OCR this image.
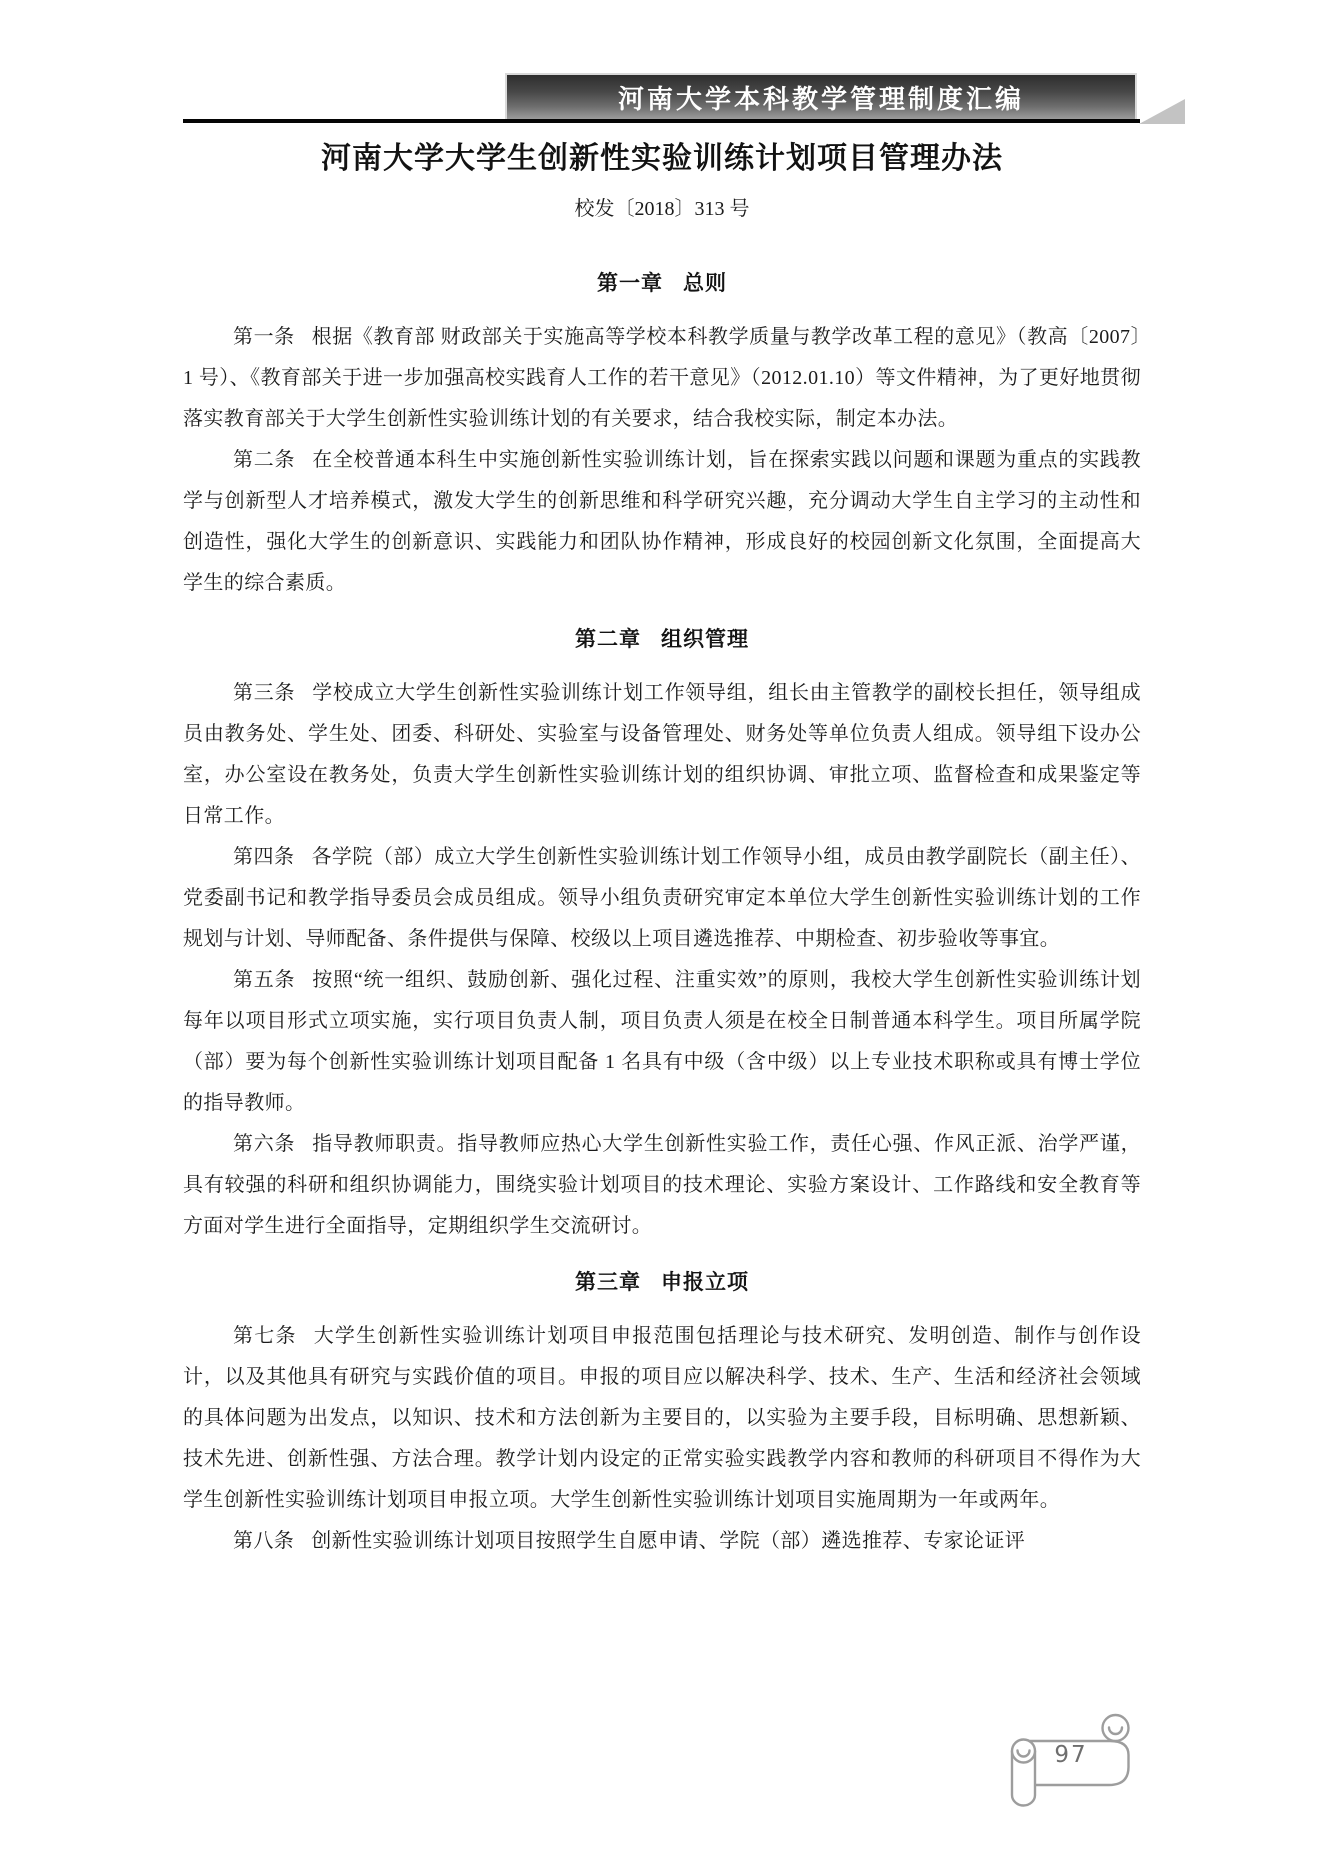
河南大学本科教学管理制度汇编
河南大学大学生创新性实验训练计划项目管理办法
校发〔2018〕313 号
第一章 总则

第一条 根据《教育部 财政部关于实施高等学校本科教学质量与教学改革工程的意见》（教高〔2007〕1 号）、《教育部关于进一步加强高校实践育人工作的若干意见》（2012.01.10）等文件精神，为了更好地贯彻落实教育部关于大学生创新性实验训练计划的有关要求，结合我校实际，制定本办法。

第二条 在全校普通本科生中实施创新性实验训练计划，旨在探索实践以问题和课题为重点的实践教学与创新型人才培养模式，激发大学生的创新思维和科学研究兴趣，充分调动大学生自主学习的主动性和创造性，强化大学生的创新意识、实践能力和团队协作精神，形成良好的校园创新文化氛围，全面提高大学生的综合素质。

第二章 组织管理

第三条 学校成立大学生创新性实验训练计划工作领导组，组长由主管教学的副校长担任，领导组成员由教务处、学生处、团委、科研处、实验室与设备管理处、财务处等单位负责人组成。领导组下设办公室，办公室设在教务处，负责大学生创新性实验训练计划的组织协调、审批立项、监督检查和成果鉴定等日常工作。

第四条 各学院（部）成立大学生创新性实验训练计划工作领导小组，成员由教学副院长（副主任）、党委副书记和教学指导委员会成员组成。领导小组负责研究审定本单位大学生创新性实验训练计划的工作规划与计划、导师配备、条件提供与保障、校级以上项目遴选推荐、中期检查、初步验收等事宜。

第五条 按照“统一组织、鼓励创新、强化过程、注重实效”的原则，我校大学生创新性实验训练计划每年以项目形式立项实施，实行项目负责人制，项目负责人须是在校全日制普通本科学生。项目所属学院（部）要为每个创新性实验训练计划项目配备 1 名具有中级（含中级）以上专业技术职称或具有博士学位的指导教师。

第六条 指导教师职责。指导教师应热心大学生创新性实验工作，责任心强、作风正派、治学严谨，具有较强的科研和组织协调能力，围绕实验计划项目的技术理论、实验方案设计、工作路线和安全教育等方面对学生进行全面指导，定期组织学生交流研讨。

第三章 申报立项

第七条 大学生创新性实验训练计划项目申报范围包括理论与技术研究、发明创造、制作与创作设计，以及其他具有研究与实践价值的项目。申报的项目应以解决科学、技术、生产、生活和经济社会领域的具体问题为出发点，以知识、技术和方法创新为主要目的，以实验为主要手段，目标明确、思想新颖、技术先进、创新性强、方法合理。教学计划内设定的正常实验实践教学内容和教师的科研项目不得作为大学生创新性实验训练计划项目申报立项。大学生创新性实验训练计划项目实施周期为一年或两年。

第八条 创新性实验训练计划项目按照学生自愿申请、学院（部）遴选推荐、专家论证评

97
